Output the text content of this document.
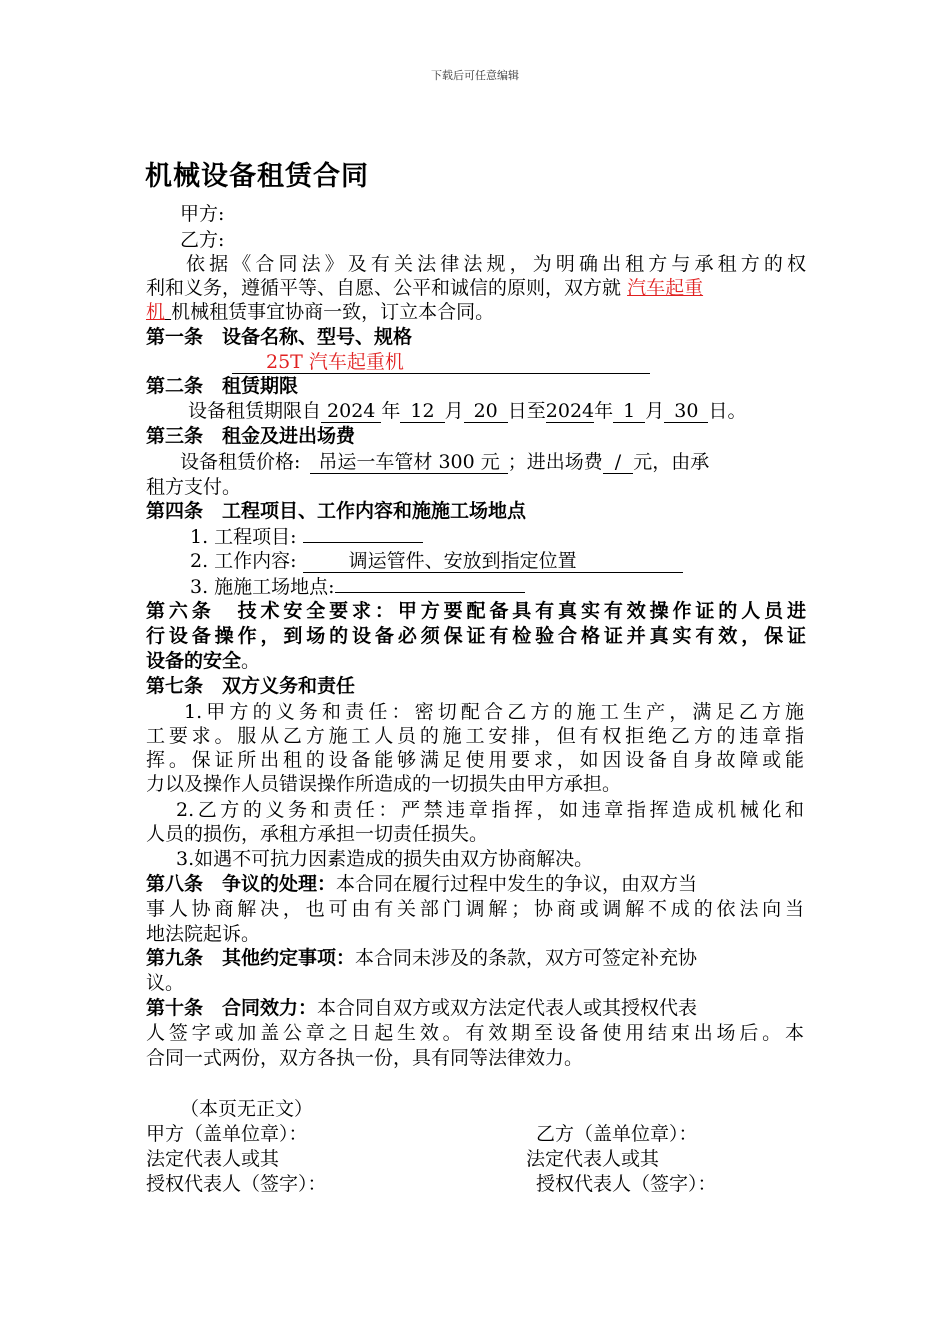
下载后可任意编辑
机械设备租赁合同
甲方:
乙方:
依据《合同法》及有关法律法规，为明确出租方与承租方的权
利和义务，遵循平等、自愿、公平和诚信的原则，双方就 汽车起重
机 机械租赁事宜协商一致，订立本合同。
第一条　设备名称、型号、规格
25T 汽车起重机
第二条　租赁期限
设备租赁期限自 2024 年 12 月 20 日至2024年 1 月 30 日。
第三条　租金及进出场费
设备租赁价格: 吊运一车管材 300 元 ；进出场费 / 元，由承
租方支付。
第四条　工程项目、工作内容和施施工场地点
1. 工程项目:
2. 工作内容:	调运管件、安放到指定位置
3. 施施工场地点:
第六条　技术安全要求：甲方要配备具有真实有效操作证的人员进
行设备操作，到场的设备必须保证有检验合格证并真实有效，保证
设备的安全。
第七条　双方义务和责任
1.甲方的义务和责任：密切配合乙方的施工生产，满足乙方施
工要求。服从乙方施工人员的施工安排，但有权拒绝乙方的违章指
挥。保证所出租的设备能够满足使用要求，如因设备自身故障或能
力以及操作人员错误操作所造成的一切损失由甲方承担。
2.乙方的义务和责任：严禁违章指挥，如违章指挥造成机械化和
人员的损伤，承租方承担一切责任损失。
3.如遇不可抗力因素造成的损失由双方协商解决。
第八条　争议的处理：本合同在履行过程中发生的争议，由双方当
事人协商解决，也可由有关部门调解；协商或调解不成的依法向当
地法院起诉。
第九条　其他约定事项：本合同未涉及的条款，双方可签定补充协
议。
第十条　合同效力：本合同自双方或双方法定代表人或其授权代表
人签字或加盖公章之日起生效。有效期至设备使用结束出场后。本
合同一式两份，双方各执一份，具有同等法律效力。
（本页无正文）
甲方（盖单位章）：	乙方（盖单位章）：
法定代表人或其	法定代表人或其
授权代表人（签字）：	授权代表人（签字）：
